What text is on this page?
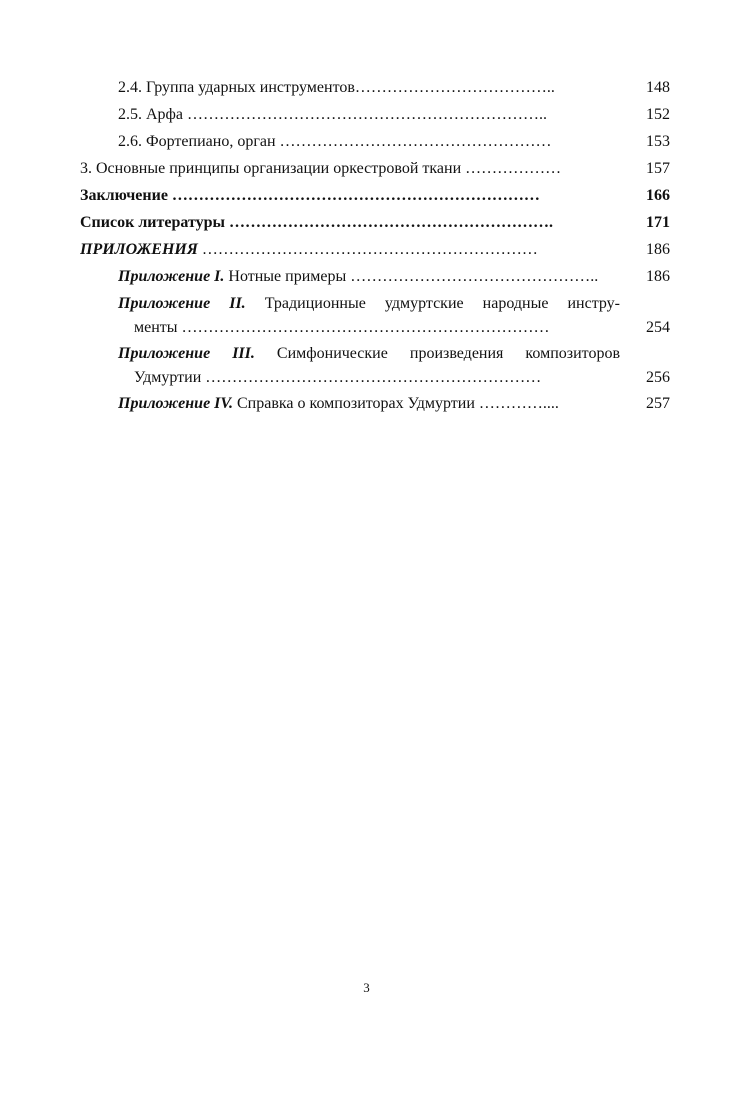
2.4. Группа ударных инструментов………………………………..	148
2.5. Арфа …………………………………………………………..	152
2.6. Фортепиано, орган ……………………………………………	153
3. Основные принципы организации оркестровой ткани ………………	157
Заключение ……………………………………………………………	166
Список литературы …………………………………………………….	171
ПРИЛОЖЕНИЯ ………………………………………………………	186
Приложение I. Нотные примеры ………………………………………..	186
Приложение II. Традиционные удмуртские народные инстру-
менты ……………………………………………………………	254
Приложение III. Симфонические произведения композиторов
Удмуртии ………………………………………………………	256
Приложение IV. Справка о композиторах Удмуртии …………....	257
3
